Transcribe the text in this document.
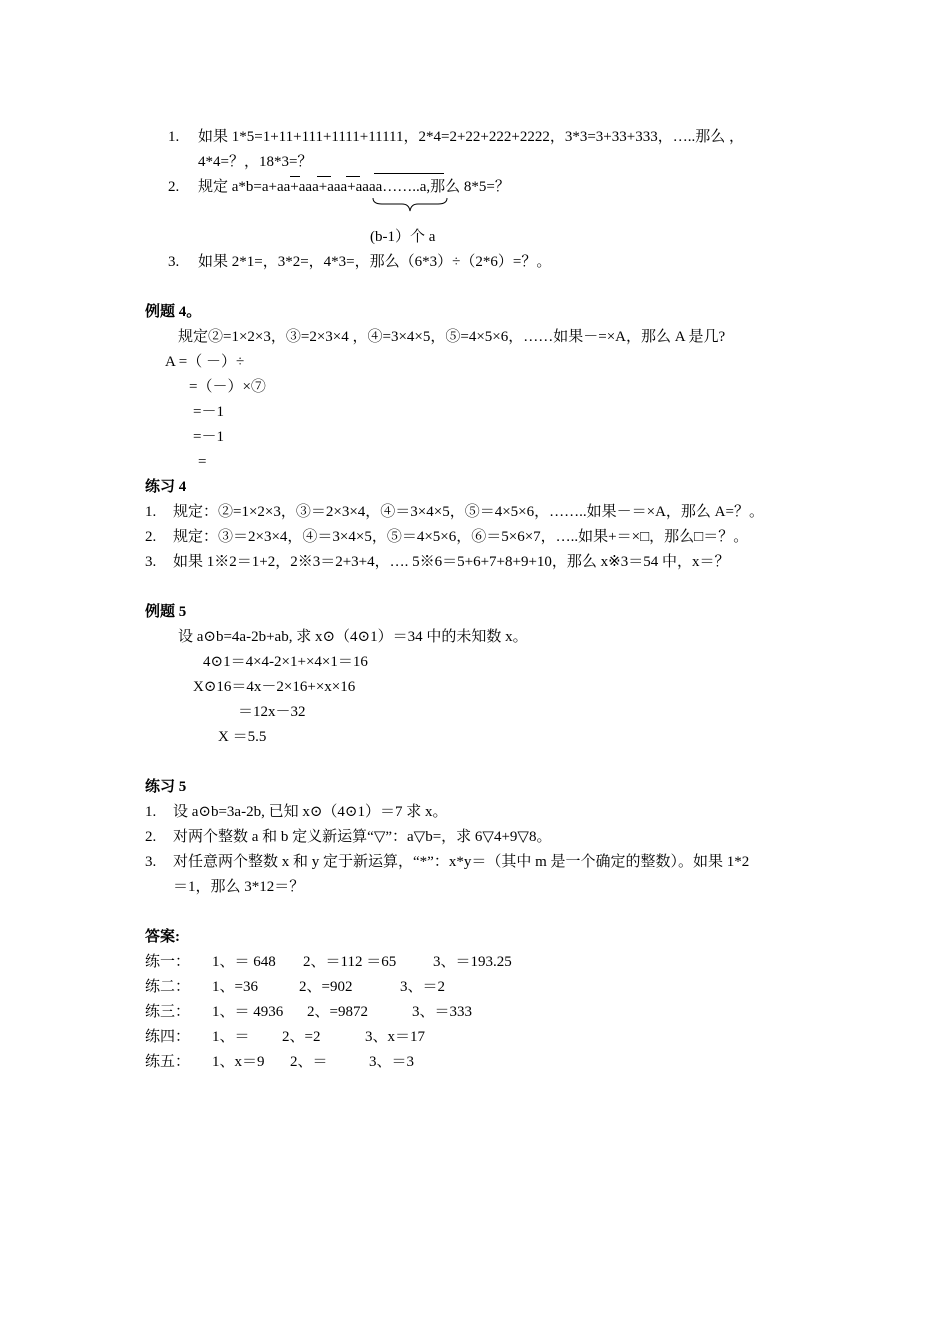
1. 如果 1*5=1+11+111+1111+11111，2*4=2+22+222+2222，3*3=3+33+333，…..那么 ，
4*4=？，18*3=？
2. 规定 a*b=a+aa+aaa+aaa+aaaa……..a,那么 8*5=？
(b-1）个 a
3. 如果 2*1=，3*2=，4*3=，那么（6*3）÷（2*6）=？。
例题 4。
规定②=1×2×3，③=2×3×4 ，④=3×4×5，⑤=4×5×6，……如果－=×A，那么 A 是几?
A =（ －）÷
=（－）×⑦
=－1
=－1
=
练习 4
1. 规定：②=1×2×3，③＝2×3×4，④＝3×4×5，⑤＝4×5×6，……..如果－＝×A，那么 A=？。
2. 规定：③＝2×3×4，④＝3×4×5，⑤＝4×5×6，⑥＝5×6×7，…..如果+＝×□，那么□＝？。
3. 如果 1※2＝1+2，2※3＝2+3+4，…. 5※6＝5+6+7+8+9+10，那么 x※3＝54 中，x＝？
例题 5
设 a⊙b=4a-2b+ab, 求 x⊙（4⊙1）＝34 中的未知数 x。
4⊙1＝4×4-2×1+×4×1＝16
X⊙16＝4x－2×16+×x×16
＝12x－32
X ＝5.5
练习 5
1. 设 a⊙b=3a-2b, 已知 x⊙（4⊙1）＝7 求 x。
2. 对两个整数 a 和 b 定义新运算“▽”：a▽b=，求 6▽4+9▽8。
3. 对任意两个整数 x 和 y 定于新运算，“*”：x*y＝（其中 m 是一个确定的整数）。如果 1*2
＝1，那么 3*12＝？
答案:
练一： 1、＝ 648 2、＝112 ＝65 3、＝193.25
练二： 1、=36	2、=902	3、＝2
练三： 1、＝ 4936 2、=9872	3、＝333
练四： 1、＝ 2、=2	3、x＝17
练五： 1、x＝9 2、＝	3、＝3
